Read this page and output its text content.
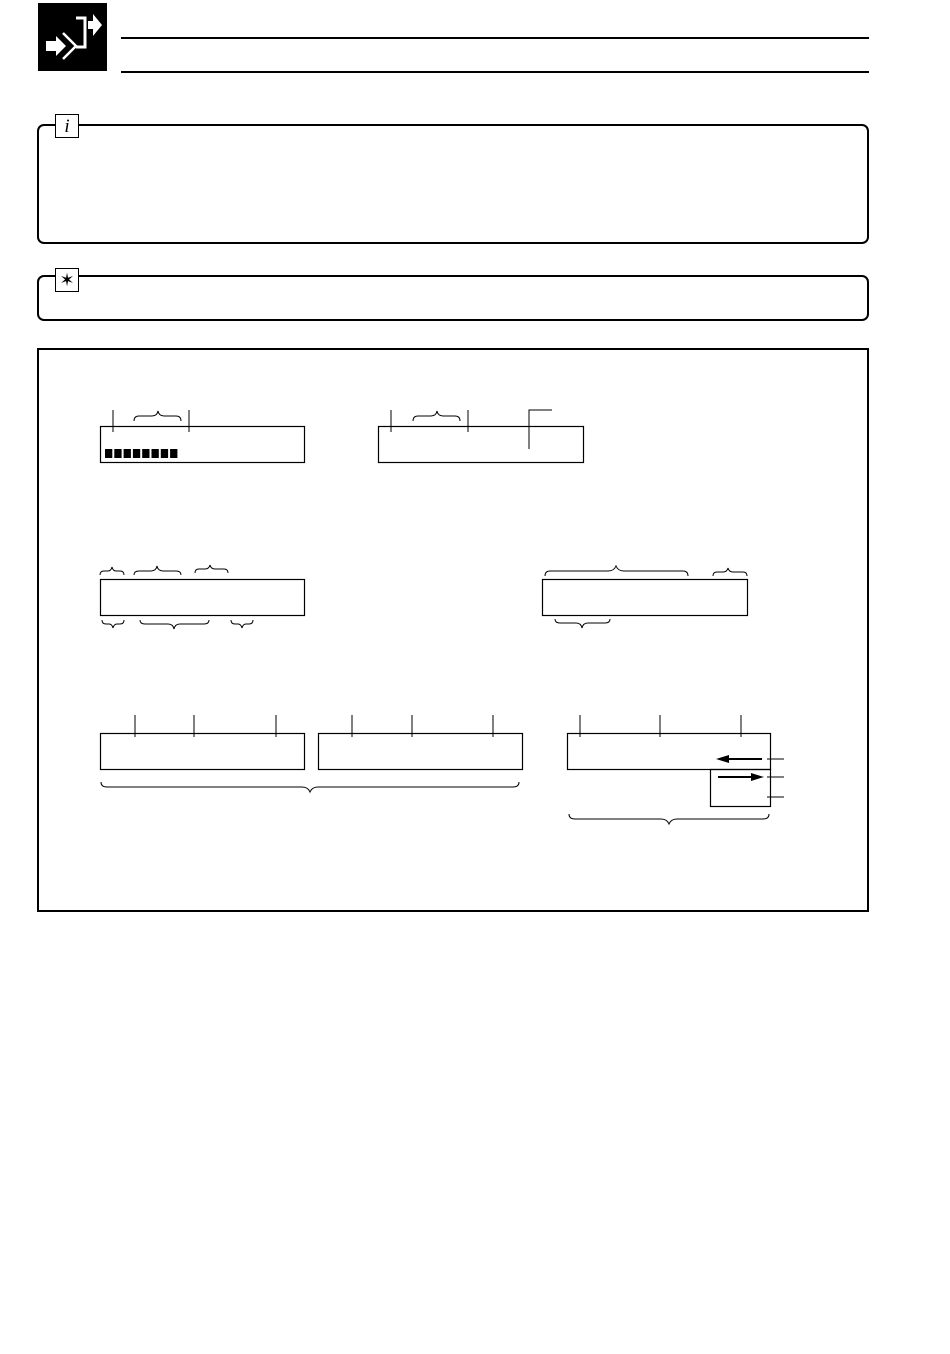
i
✶
